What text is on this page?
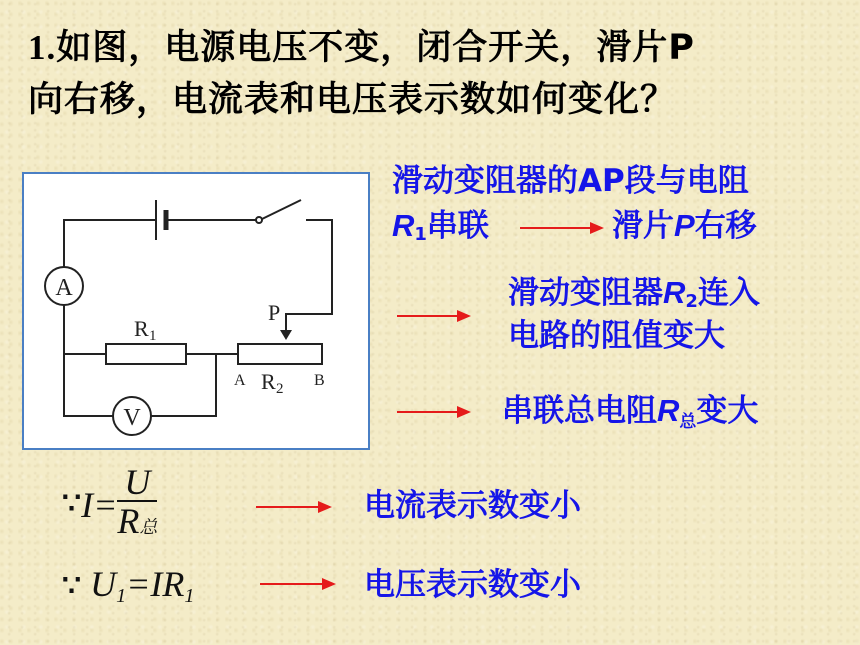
1.如图，电源电压不变，闭合开关，滑片P
向右移，电流表和电压表示数如何变化？
A
V
R 1
R 2
P
A	B
滑动变阻器的AP段与电阻
$R_1$串联	滑片P右移
滑动变阻器$R_2$连入
电路的阻值变大
串联总电阻R总变大
∵I= $\frac{U}{\text{R总}}$	电流表示数变小
∵ U1=IR1	电压表示数变小
